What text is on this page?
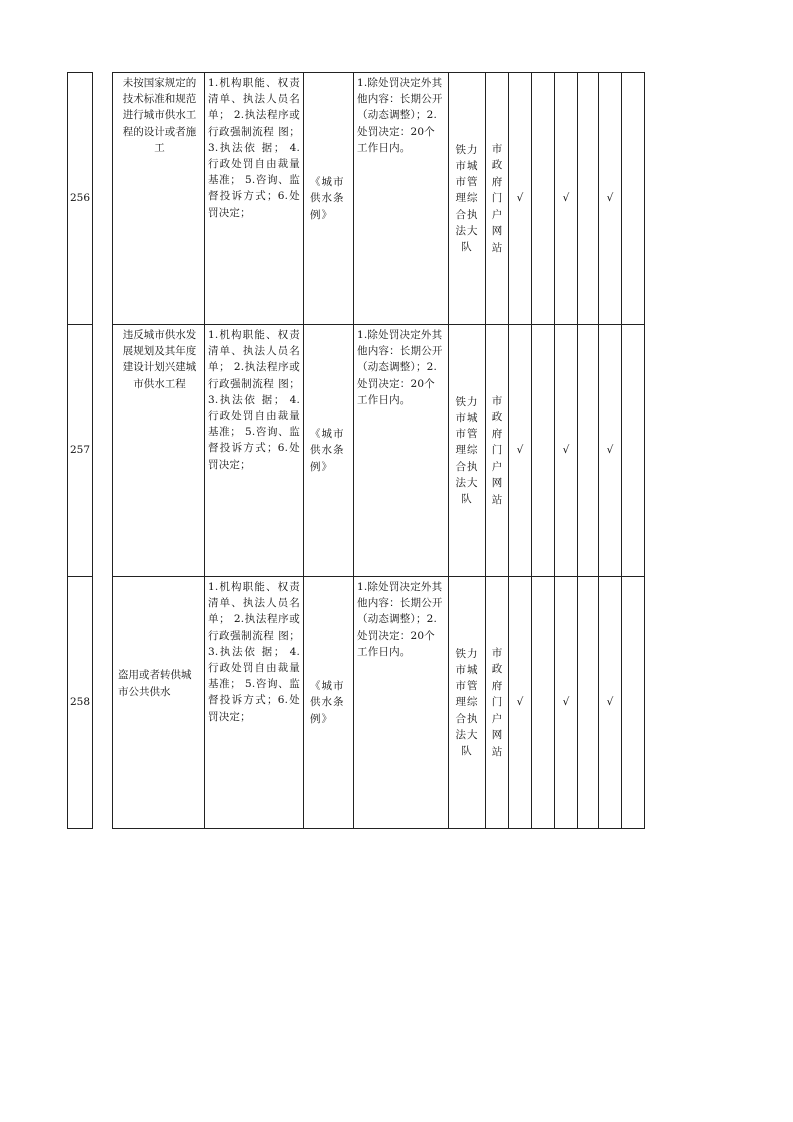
256		未按国家规定的技术标准和规范进行城市供水工程的设计或者施工	1.机构职能、权责清单、执法人员名单； 2.执法程序或行政强制流程 图； 3.执法依 据； 4.行政处罚自由裁量基准； 5.咨询、监督投诉方式；6.处罚决定；	《城市供水条例》	1.除处罚决定外其他内容：长期公开（动态调整）；2.处罚决定：20个工作日内。	铁力市城市管理综合执法大队	市政府门户网站	√		√		√	
257		违反城市供水发展规划及其年度建设计划兴建城市供水工程	1.机构职能、权责清单、执法人员名单； 2.执法程序或行政强制流程 图； 3.执法依 据； 4.行政处罚自由裁量基准； 5.咨询、监督投诉方式；6.处罚决定；	《城市供水条例》	1.除处罚决定外其他内容：长期公开（动态调整）；2.处罚决定：20个工作日内。	铁力市城市管理综合执法大队	市政府门户网站	√		√		√	
258		盗用或者转供城市公共供水	1.机构职能、权责清单、执法人员名单； 2.执法程序或行政强制流程 图； 3.执法依 据； 4.行政处罚自由裁量基准； 5.咨询、监督投诉方式；6.处罚决定；	《城市供水条例》	1.除处罚决定外其他内容：长期公开（动态调整）；2.处罚决定：20个工作日内。	铁力市城市管理综合执法大队	市政府门户网站	√		√		√	
